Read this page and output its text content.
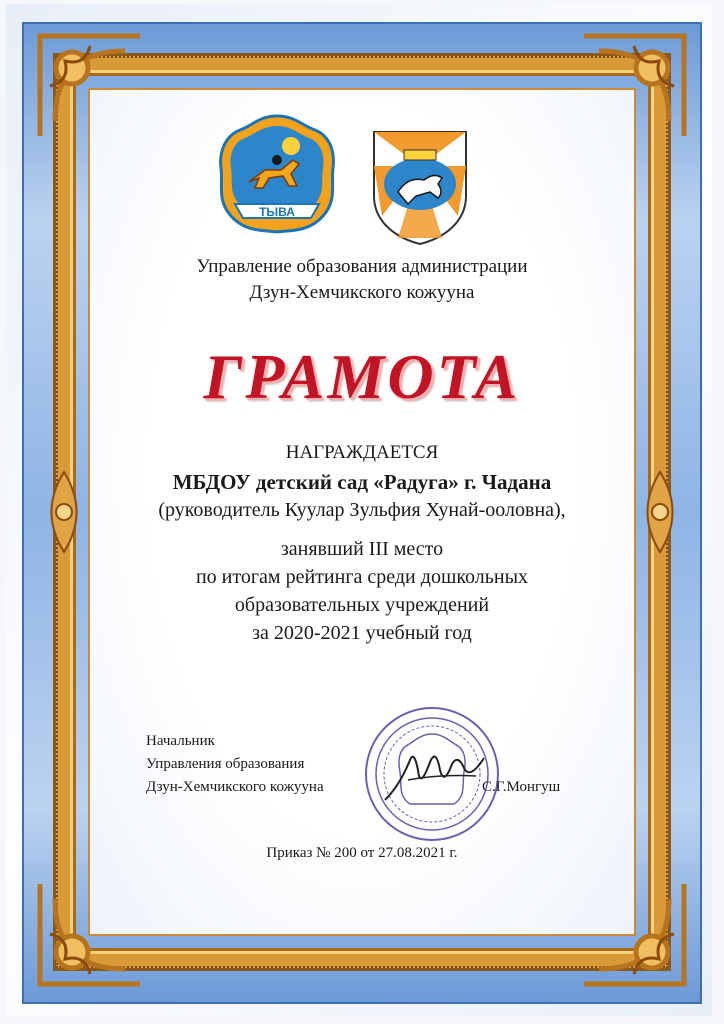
ТЫВА
Управление образования администрации
Дзун-Хемчикского кожууна
ГРАМОТА
НАГРАЖДАЕТСЯ
МБДОУ детский сад «Радуга» г. Чадана
(руководитель Куулар Зульфия Хунай-ооловна),
занявший III место
по итогам рейтинга среди дошкольных
образовательных учреждений
за 2020-2021 учебный год
Начальник
Управления образования
Дзун-Хемчикского кожууна	С.Г.Монгуш
Приказ № 200 от 27.08.2021 г.
